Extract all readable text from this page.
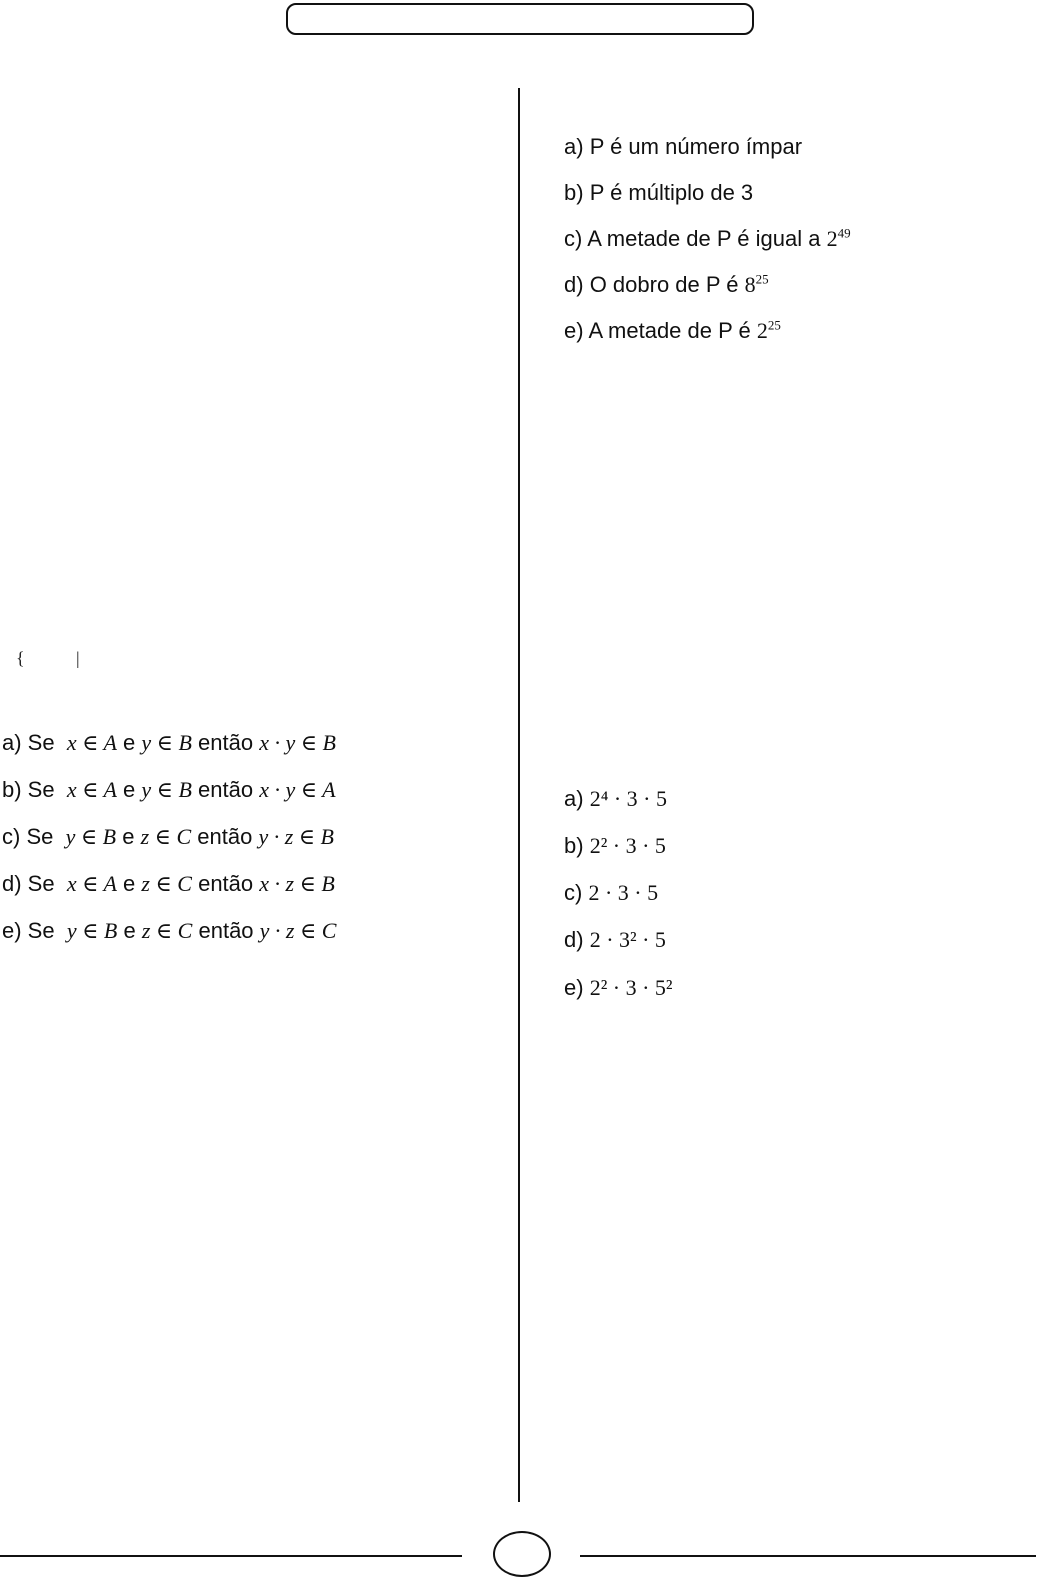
a) P é um número ímpar
b) P é múltiplo de 3
c) A metade de P é igual a $2^{49}$
d) O dobro de P é $8^{25}$
e) A metade de P é $2^{25}$
{	|
a) Se x ∈ A e y ∈ B então x · y ∈ B
b) Se x ∈ A e y ∈ B então x · y ∈ A
c) Se y ∈ B e z ∈ C então y · z ∈ B
d) Se x ∈ A e z ∈ C então x · z ∈ B
e) Se y ∈ B e z ∈ C então y · z ∈ C
a) 2⁴ · 3 · 5
b) 2² · 3 · 5
c) 2 · 3 · 5
d) 2 · 3² · 5
e) 2² · 3 · 5²
